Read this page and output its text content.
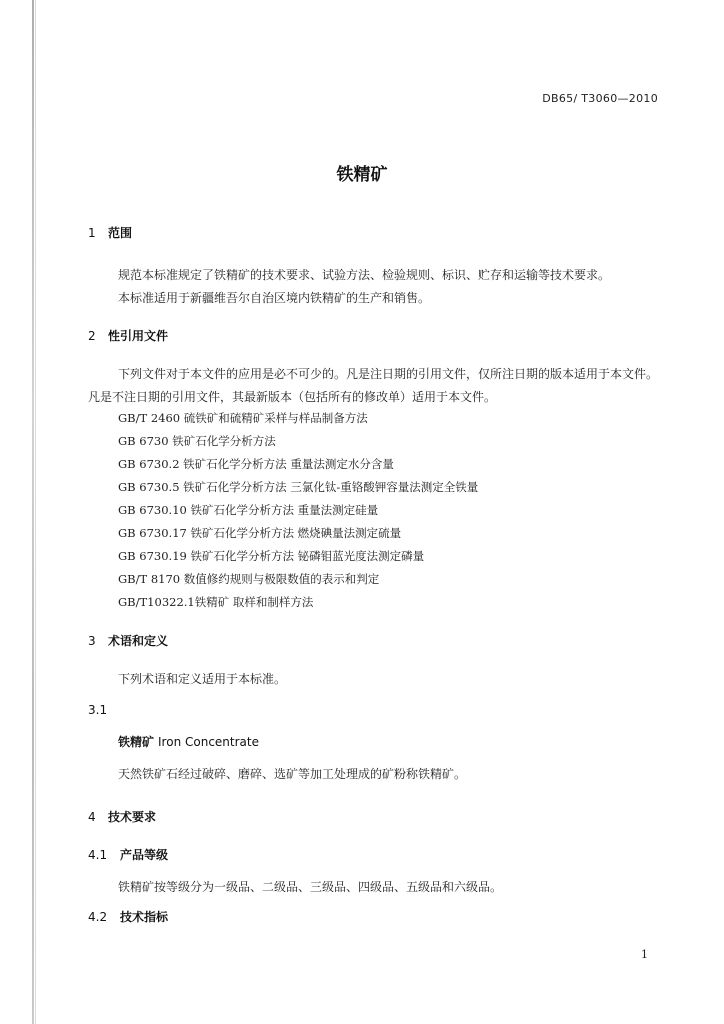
DB65/ T3060—2010
铁精矿
1 范围
规范本标准规定了铁精矿的技术要求、试验方法、检验规则、标识、贮存和运输等技术要求。
本标准适用于新疆维吾尔自治区境内铁精矿的生产和销售。
2 性引用文件
下列文件对于本文件的应用是必不可少的。凡是注日期的引用文件，仅所注日期的版本适用于本文件。凡是不注日期的引用文件，其最新版本（包括所有的修改单）适用于本文件。
GB/T 2460 硫铁矿和硫精矿采样与样品制备方法
GB 6730 铁矿石化学分析方法
GB 6730.2 铁矿石化学分析方法 重量法测定水分含量
GB 6730.5 铁矿石化学分析方法 三氯化钛-重铬酸钾容量法测定全铁量
GB 6730.10 铁矿石化学分析方法 重量法测定硅量
GB 6730.17 铁矿石化学分析方法 燃烧碘量法测定硫量
GB 6730.19 铁矿石化学分析方法 铋磷钼蓝光度法测定磷量
GB/T 8170 数值修约规则与极限数值的表示和判定
GB/T10322.1铁精矿 取样和制样方法
3 术语和定义
下列术语和定义适用于本标准。
3.1
铁精矿 Iron Concentrate
天然铁矿石经过破碎、磨碎、选矿等加工处理成的矿粉称铁精矿。
4 技术要求
4.1 产品等级
铁精矿按等级分为一级品、二级品、三级品、四级品、五级品和六级品。
4.2 技术指标
1
